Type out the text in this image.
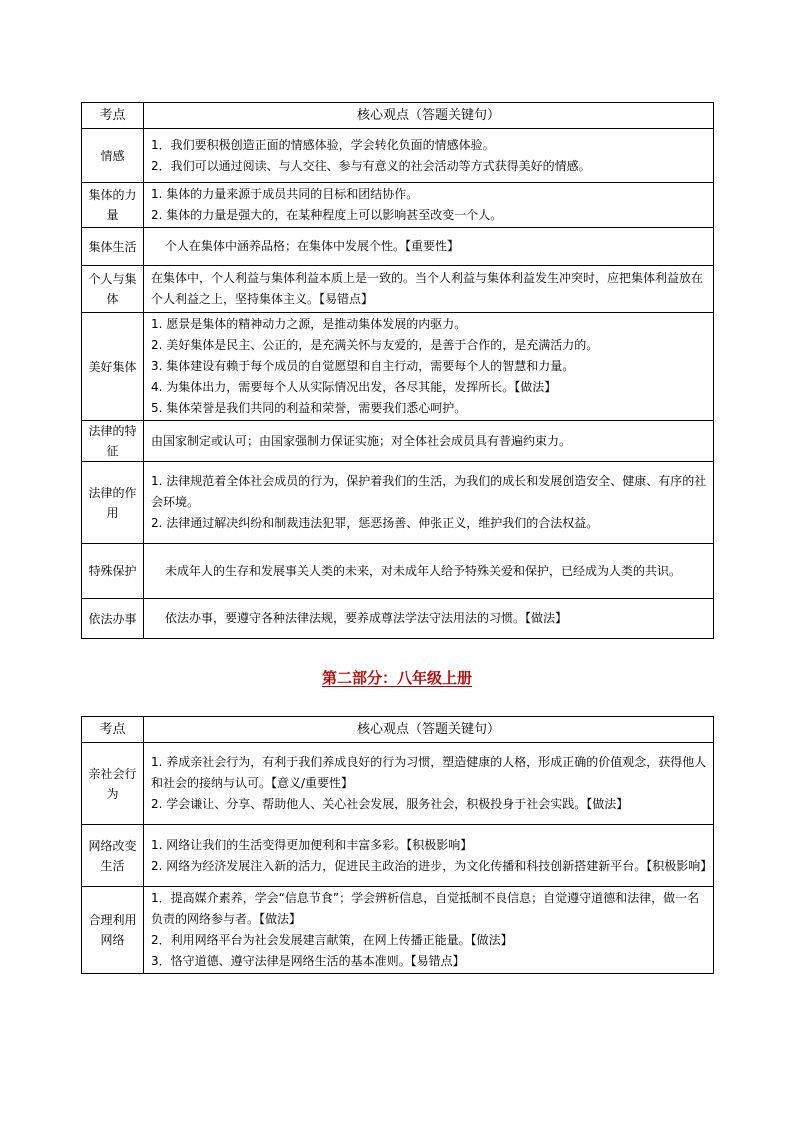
考点	核心观点（答题关键句）
情感	1．我们要积极创造正面的情感体验，学会转化负面的情感体验。
2．我们可以通过阅读、与人交往、参与有意义的社会活动等方式获得美好的情感。

集体的力量	1. 集体的力量来源于成员共同的目标和团结协作。
2. 集体的力量是强大的，在某种程度上可以影响甚至改变一个人。

集体生活	个人在集体中涵养品格；在集体中发展个性。【重要性】

个人与集体	在集体中，个人利益与集体利益本质上是一致的。当个人利益与集体利益发生冲突时，应把集体利益放在个人利益之上，坚持集体主义。【易错点】

美好集体	1. 愿景是集体的精神动力之源，是推动集体发展的内驱力。
2. 美好集体是民主、公正的，是充满关怀与友爱的，是善于合作的，是充满活力的。
3. 集体建设有赖于每个成员的自觉愿望和自主行动，需要每个人的智慧和力量。
4. 为集体出力，需要每个人从实际情况出发，各尽其能，发挥所长。【做法】
5. 集体荣誉是我们共同的利益和荣誉，需要我们悉心呵护。

法律的特征	由国家制定或认可；由国家强制力保证实施；对全体社会成员具有普遍约束力。

法律的作用	1. 法律规范着全体社会成员的行为，保护着我们的生活，为我们的成长和发展创造安全、健康、有序的社会环境。
2. 法律通过解决纠纷和制裁违法犯罪，惩恶扬善、伸张正义，维护我们的合法权益。

特殊保护	未成年人的生存和发展事关人类的未来，对未成年人给予特殊关爱和保护，已经成为人类的共识。

依法办事	依法办事，要遵守各种法律法规，要养成尊法学法守法用法的习惯。【做法】
第二部分：八年级上册
考点	核心观点（答题关键句）
亲社会行为	1. 养成亲社会行为，有利于我们养成良好的行为习惯，塑造健康的人格，形成正确的价值观念，获得他人和社会的接纳与认可。【意义/重要性】
2. 学会谦让、分享、帮助他人、关心社会发展，服务社会，积极投身于社会实践。【做法】

网络改变生活	1. 网络让我们的生活变得更加便利和丰富多彩。【积极影响】
2. 网络为经济发展注入新的活力，促进民主政治的进步，为文化传播和科技创新搭建新平台。【积极影响】

合理利用网络	1．提高媒介素养，学会“信息节食”；学会辨析信息，自觉抵制不良信息；自觉遵守道德和法律，做一名负责的网络参与者。【做法】
2．利用网络平台为社会发展建言献策，在网上传播正能量。【做法】
3．恪守道德、遵守法律是网络生活的基本准则。【易错点】
